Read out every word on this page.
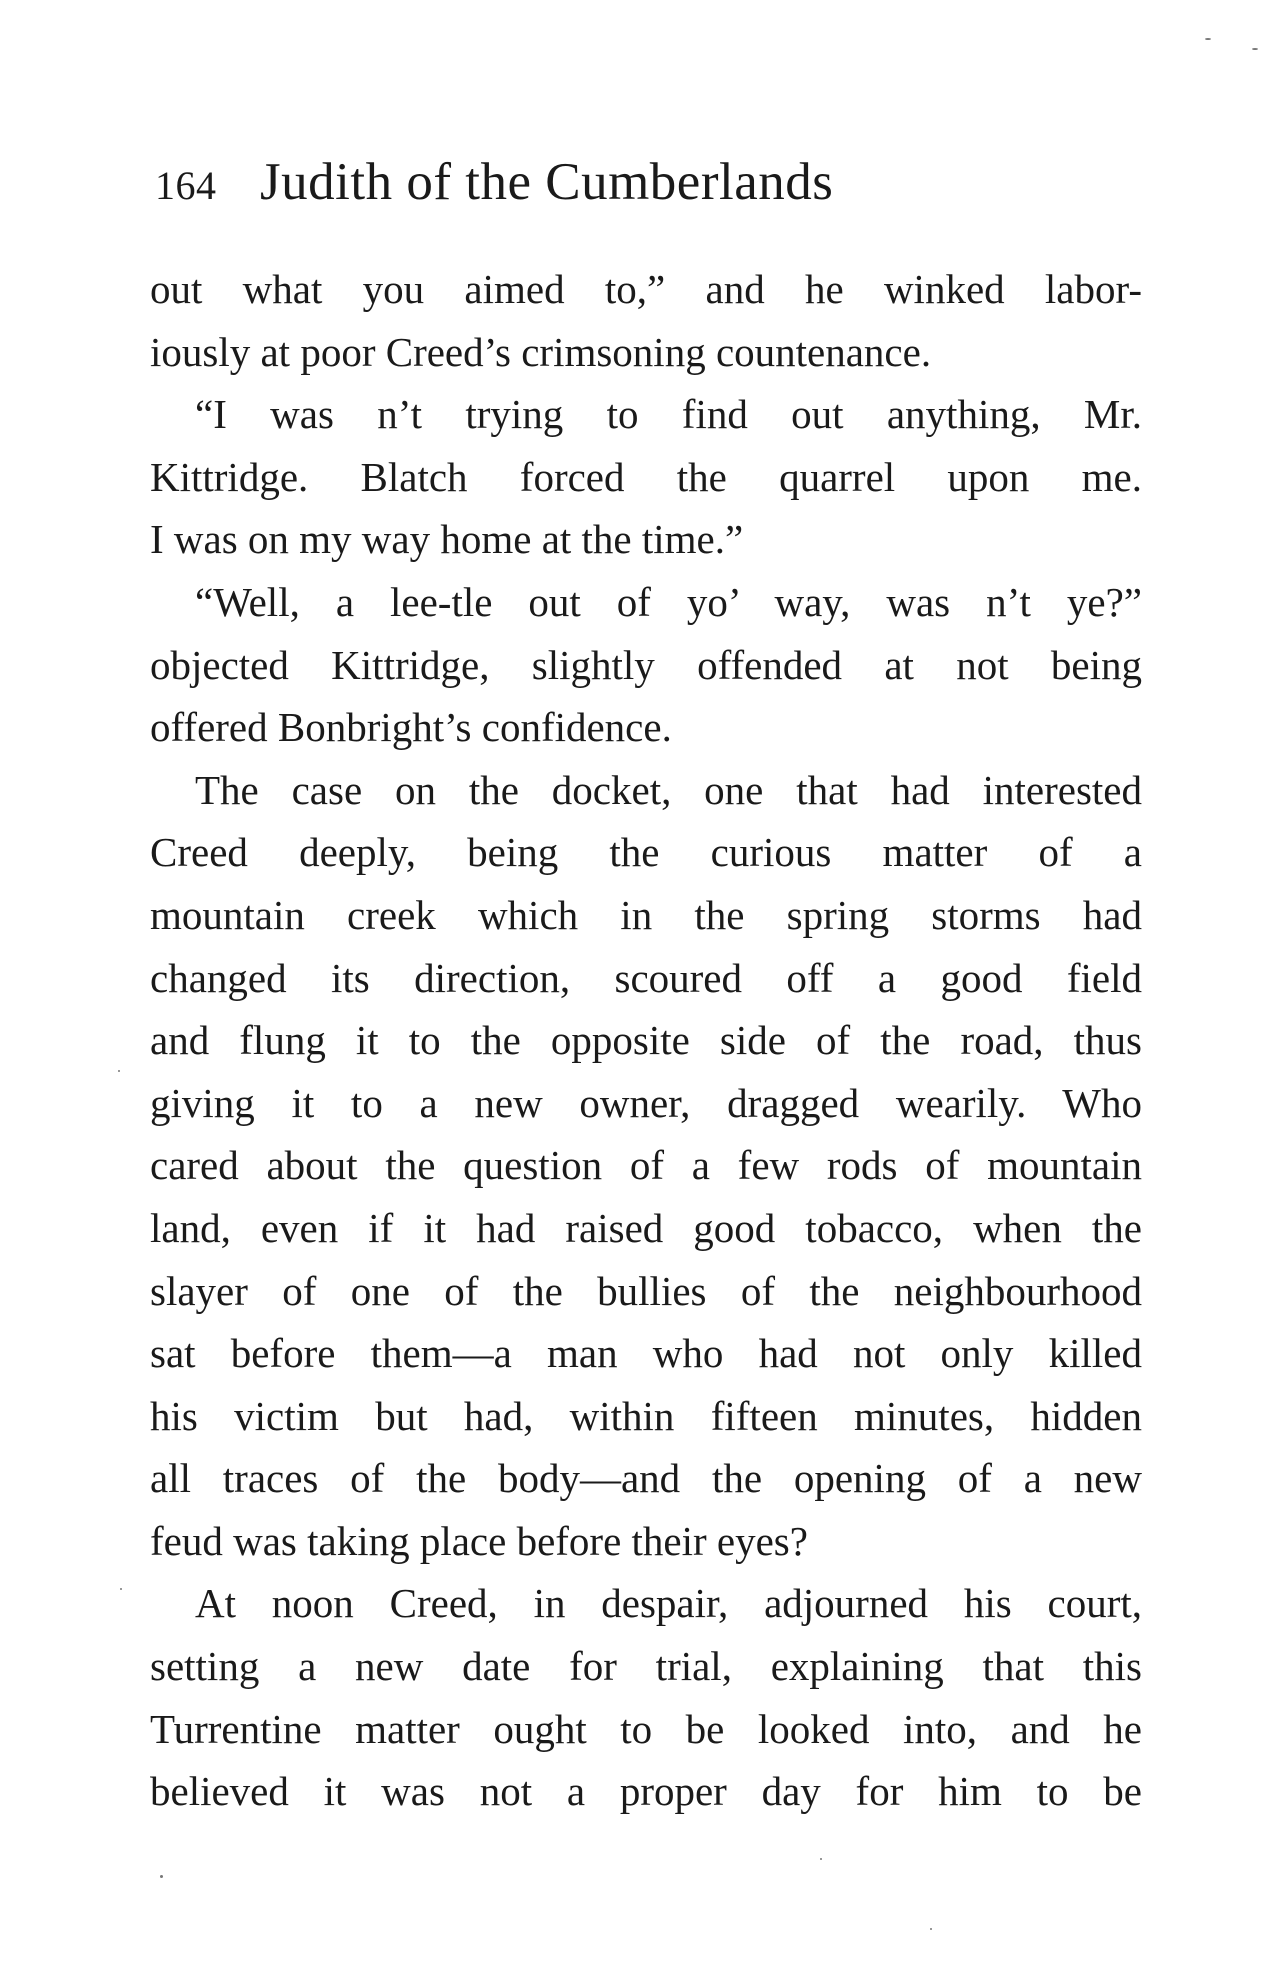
164 Judith of the Cumberlands
out what you aimed to,” and he winked labor-
iously at poor Creed’s crimsoning countenance.
“I was n’t trying to find out anything, Mr.
Kittridge. Blatch forced the quarrel upon me.
I was on my way home at the time.”
“Well, a lee-tle out of yo’ way, was n’t ye?”
objected Kittridge, slightly offended at not being
offered Bonbright’s confidence.
The case on the docket, one that had interested
Creed deeply, being the curious matter of a
mountain creek which in the spring storms had
changed its direction, scoured off a good field
and flung it to the opposite side of the road, thus
giving it to a new owner, dragged wearily. Who
cared about the question of a few rods of mountain
land, even if it had raised good tobacco, when the
slayer of one of the bullies of the neighbourhood
sat before them—a man who had not only killed
his victim but had, within fifteen minutes, hidden
all traces of the body—and the opening of a new
feud was taking place before their eyes?
At noon Creed, in despair, adjourned his court,
setting a new date for trial, explaining that this
Turrentine matter ought to be looked into, and he
believed it was not a proper day for him to be
